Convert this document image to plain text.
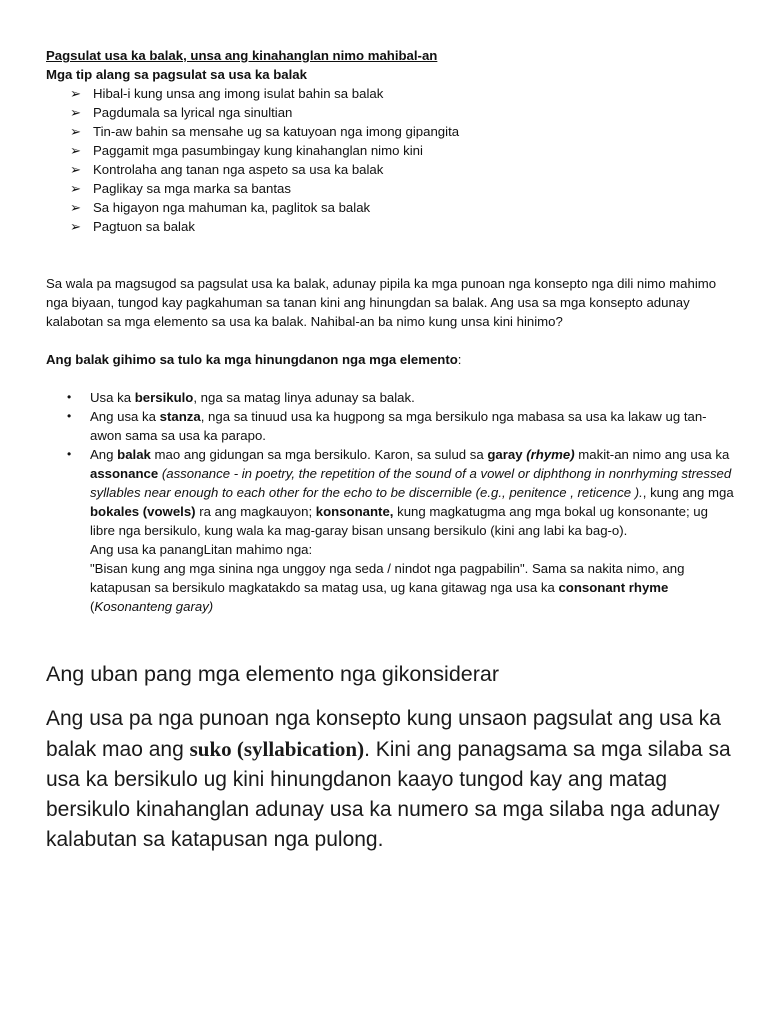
Pagsulat usa ka balak, unsa ang kinahanglan nimo mahibal-an

Mga tip alang sa pagsulat sa usa ka balak

➢ Hibal-i kung unsa ang imong isulat bahin sa balak
➢ Pagdumala sa lyrical nga sinultian
➢ Tin-aw bahin sa mensahe ug sa katuyoan nga imong gipangita
➢ Paggamit mga pasumbingay kung kinahanglan nimo kini
➢ Kontrolaha ang tanan nga aspeto sa usa ka balak
➢ Paglikay sa mga marka sa bantas
➢ Sa higayon nga mahuman ka, paglitok sa balak
➢ Pagtuon sa balak

Sa wala pa magsugod sa pagsulat usa ka balak, adunay pipila ka mga punoan nga konsepto nga dili nimo mahimo nga biyaan, tungod kay pagkahuman sa tanan kini ang hinungdan sa balak. Ang usa sa mga konsepto adunay kalabotan sa mga elemento sa usa ka balak. Nahibal-an ba nimo kung unsa kini hinimo?

Ang balak gihimo sa tulo ka mga hinungdanon nga mga elemento:

• Usa ka bersikulo, nga sa matag linya adunay sa balak.
• Ang usa ka stanza, nga sa tinuud usa ka hugpong sa mga bersikulo nga mabasa sa usa ka lakaw ug tan-awon sama sa usa ka parapo.
• Ang balak mao ang gidungan sa mga bersikulo. Karon, sa sulud sa garay (rhyme) makit-an nimo ang usa ka assonance (assonance - in poetry, the repetition of the sound of a vowel or diphthong in nonrhyming stressed syllables near enough to each other for the echo to be discernible (e.g., penitence , reticence )., kung ang mga bokales (vowels) ra ang magkauyon; konsonante, kung magkatugma ang mga bokal ug konsonante; ug libre nga bersikulo, kung wala ka mag-garay bisan unsang bersikulo (kini ang labi ka bag-o).
Ang usa ka panangLitan mahimo nga:
"Bisan kung ang mga sinina nga unggoy nga seda / nindot nga pagpabilin". Sama sa nakita nimo, ang katapusan sa bersikulo magkatakdo sa matag usa, ug kana gitawag nga usa ka consonant rhyme
(Kosonanteng garay)

Ang uban pang mga elemento nga gikonsiderar

Ang usa pa nga punoan nga konsepto kung unsaon pagsulat ang usa ka balak mao ang suko (syllabication). Kini ang panagsama sa mga silaba sa usa ka bersikulo ug kini hinungdanon kaayo tungod kay ang matag bersikulo kinahanglan adunay usa ka numero sa mga silaba nga adunay kalabutan sa katapusan nga pulong.
